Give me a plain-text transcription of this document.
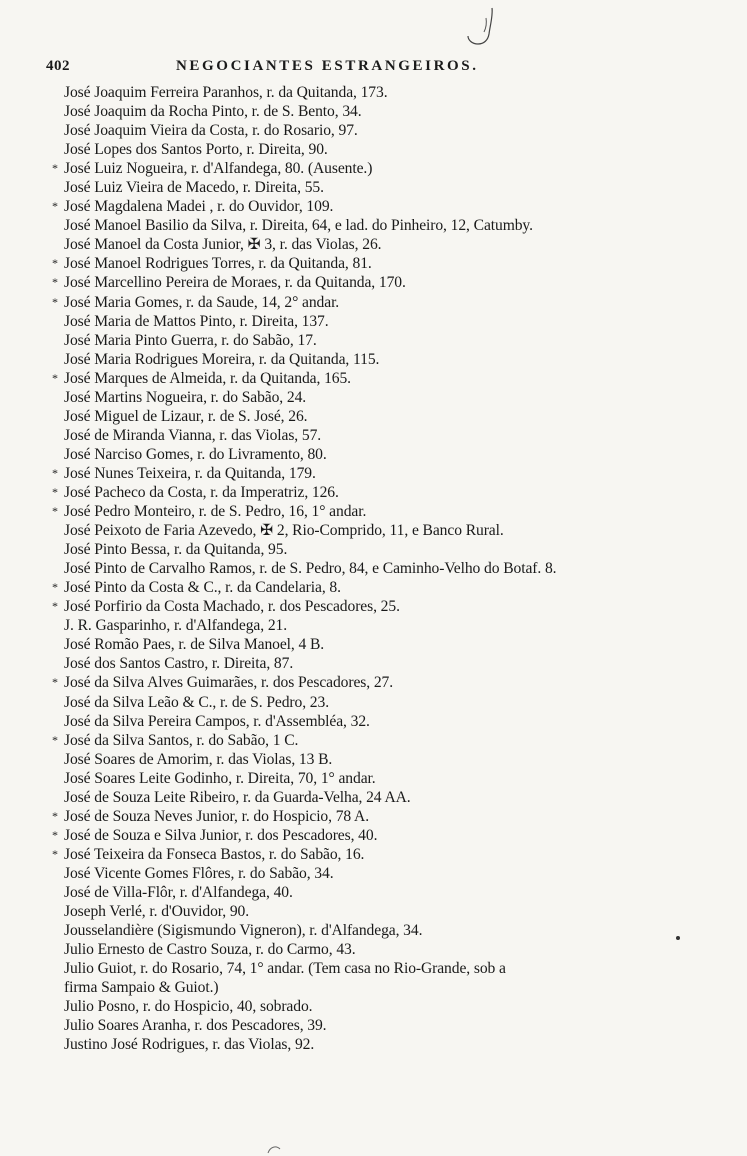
402	NEGOCIANTES ESTRANGEIROS.
José Joaquim Ferreira Paranhos, r. da Quitanda, 173.
José Joaquim da Rocha Pinto, r. de S. Bento, 34.
José Joaquim Vieira da Costa, r. do Rosario, 97.
José Lopes dos Santos Porto, r. Direita, 90.
* José Luiz Nogueira, r. d'Alfandega, 80. (Ausente.)
José Luiz Vieira de Macedo, r. Direita, 55.
* José Magdalena Madei , r. do Ouvidor, 109.
José Manoel Basilio da Silva, r. Direita, 64, e lad. do Pinheiro, 12, Catumby.
José Manoel da Costa Junior, ✠ 3, r. das Violas, 26.
* José Manoel Rodrigues Torres, r. da Quitanda, 81.
* José Marcellino Pereira de Moraes, r. da Quitanda, 170.
* José Maria Gomes, r. da Saude, 14, 2° andar.
José Maria de Mattos Pinto, r. Direita, 137.
José Maria Pinto Guerra, r. do Sabão, 17.
José Maria Rodrigues Moreira, r. da Quitanda, 115.
* José Marques de Almeida, r. da Quitanda, 165.
José Martins Nogueira, r. do Sabão, 24.
José Miguel de Lizaur, r. de S. José, 26.
José de Miranda Vianna, r. das Violas, 57.
José Narciso Gomes, r. do Livramento, 80.
* José Nunes Teixeira, r. da Quitanda, 179.
* José Pacheco da Costa, r. da Imperatriz, 126.
* José Pedro Monteiro, r. de S. Pedro, 16, 1° andar.
José Peixoto de Faria Azevedo, ✠ 2, Rio-Comprido, 11, e Banco Rural.
José Pinto Bessa, r. da Quitanda, 95.
José Pinto de Carvalho Ramos, r. de S. Pedro, 84, e Caminho-Velho do Botaf. 8.
* José Pinto da Costa & C., r. da Candelaria, 8.
* José Porfirio da Costa Machado, r. dos Pescadores, 25.
J. R. Gasparinho, r. d'Alfandega, 21.
José Romão Paes, r. de Silva Manoel, 4 B.
José dos Santos Castro, r. Direita, 87.
* José da Silva Alves Guimarães, r. dos Pescadores, 27.
José da Silva Leão & C., r. de S. Pedro, 23.
José da Silva Pereira Campos, r. d'Assembléa, 32.
* José da Silva Santos, r. do Sabão, 1 C.
José Soares de Amorim, r. das Violas, 13 B.
José Soares Leite Godinho, r. Direita, 70, 1° andar.
José de Souza Leite Ribeiro, r. da Guarda-Velha, 24 AA.
* José de Souza Neves Junior, r. do Hospicio, 78 A.
* José de Souza e Silva Junior, r. dos Pescadores, 40.
* José Teixeira da Fonseca Bastos, r. do Sabão, 16.
José Vicente Gomes Flôres, r. do Sabão, 34.
José de Villa-Flôr, r. d'Alfandega, 40.
Joseph Verlé, r. d'Ouvidor, 90.
Jousselandière (Sigismundo Vigneron), r. d'Alfandega, 34.
Julio Ernesto de Castro Souza, r. do Carmo, 43.
Julio Guiot, r. do Rosario, 74, 1° andar. (Tem casa no Rio-Grande, sob a
firma Sampaio & Guiot.)
Julio Posno, r. do Hospicio, 40, sobrado.
Julio Soares Aranha, r. dos Pescadores, 39.
Justino José Rodrigues, r. das Violas, 92.
